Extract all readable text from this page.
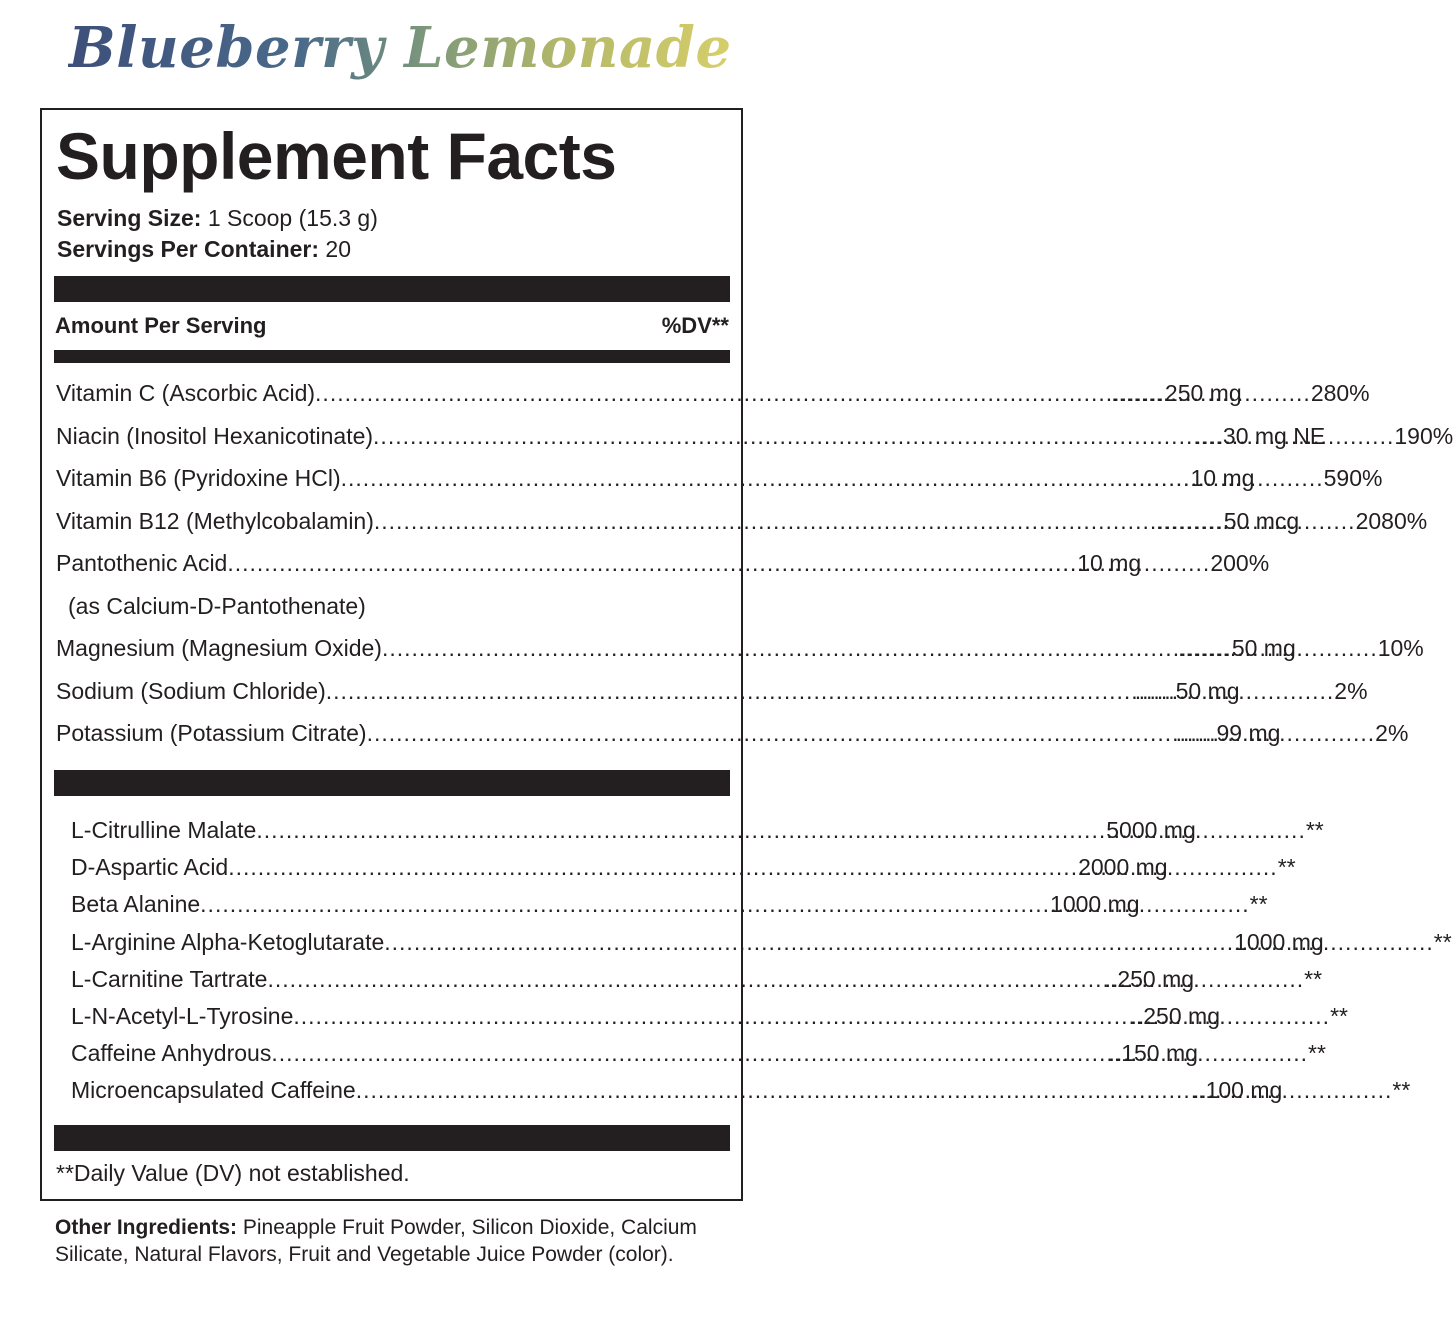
Blueberry Lemonade
Supplement Facts
Serving Size: 1 Scoop (15.3 g)
Servings Per Container: 20
Amount Per Serving	%DV**
Vitamin C (Ascorbic Acid) .....	250 mg .....	280%
Niacin (Inositol Hexanicotinate) .....	30 mg NE .....	190%
Vitamin B6 (Pyridoxine HCl) .....	10 mg .....	590%
Vitamin B12 (Methylcobalamin) .....	50 mcg ..... 2080%
Pantothenic Acid .....	10 mg .....	200%
(as Calcium-D-Pantothenate)
Magnesium (Magnesium Oxide) .....	50 mg .....	10%
Sodium (Sodium Chloride) .....	50 mg .....	2%
Potassium (Potassium Citrate) .....	99 mg .....	2%
L-Citrulline Malate .....	5000 mg .....	**
D-Aspartic Acid .....	2000 mg .....	**
Beta Alanine .....	1000 mg .....	**
L-Arginine Alpha-Ketoglutarate .....	1000 mg .....	**
L-Carnitine Tartrate .....	250 mg .....	**
L-N-Acetyl-L-Tyrosine .....	250 mg .....	**
Caffeine Anhydrous .....	150 mg .....	**
Microencapsulated Caffeine .....	100 mg .....	**
**Daily Value (DV) not established.
Other Ingredients: Pineapple Fruit Powder, Silicon Dioxide, Calcium Silicate, Natural Flavors, Fruit and Vegetable Juice Powder (color).
